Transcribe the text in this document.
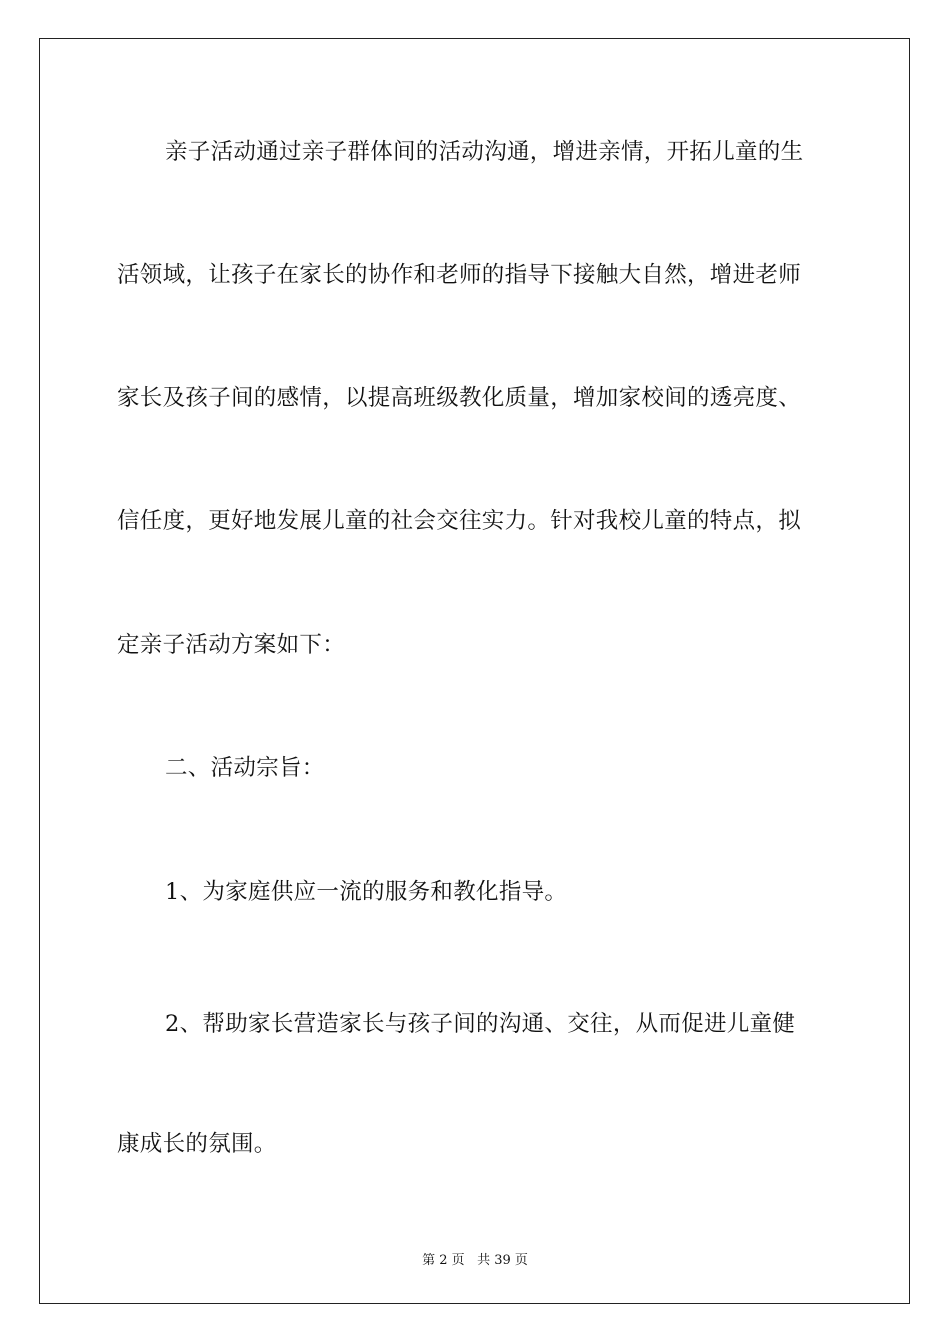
亲子活动通过亲子群体间的活动沟通，增进亲情，开拓儿童的生

活领域，让孩子在家长的协作和老师的指导下接触大自然，增进老师

家长及孩子间的感情，以提高班级教化质量，增加家校间的透亮度、

信任度，更好地发展儿童的社会交往实力。针对我校儿童的特点，拟

定亲子活动方案如下：

二、活动宗旨：

1、为家庭供应一流的服务和教化指导。

2、帮助家长营造家长与孩子间的沟通、交往，从而促进儿童健

康成长的氛围。

第 2 页 共 39 页
